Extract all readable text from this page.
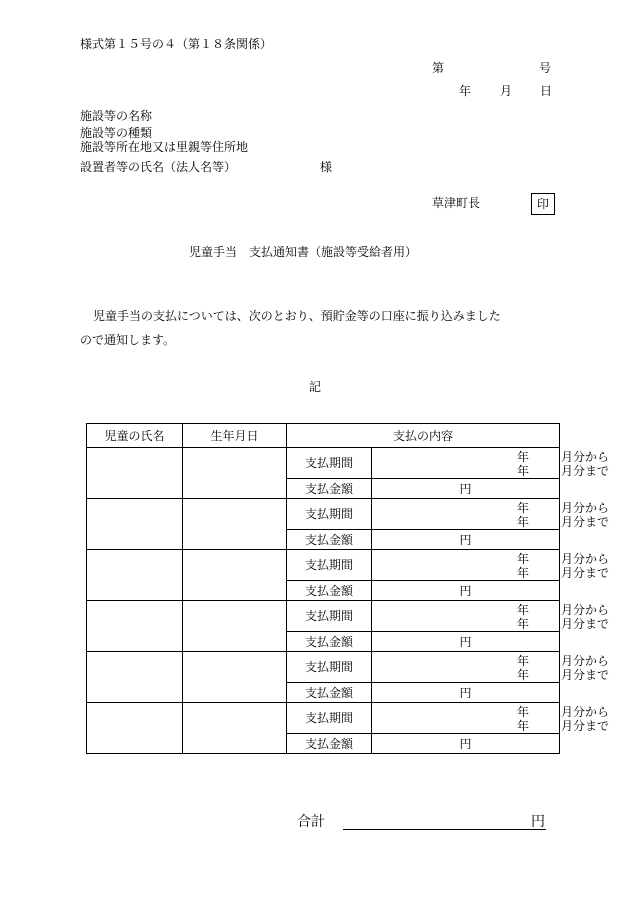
様式第１５号の４（第１８条関係）
第	号
年 月 日
施設等の名称
施設等の種類
施設等所在地又は里親等住所地
設置者等の氏名（法人名等）	様
草津町長	印
児童手当　支払通知書（施設等受給者用）
児童手当の支払については、次のとおり、預貯金等の口座に振り込みました
ので通知します。
記
児童の氏名	生年月日	支払の内容	
		支払期間	年 月分から
年 月分まで

		支払金額	円
		支払期間	年 月分から
年 月分まで

		支払金額	円
		支払期間	年 月分から
年 月分まで

		支払金額	円
		支払期間	年 月分から
年 月分まで

		支払金額	円
		支払期間	年 月分から
年 月分まで

		支払金額	円
		支払期間	年 月分から
年 月分まで

		支払金額	円
合計	円
